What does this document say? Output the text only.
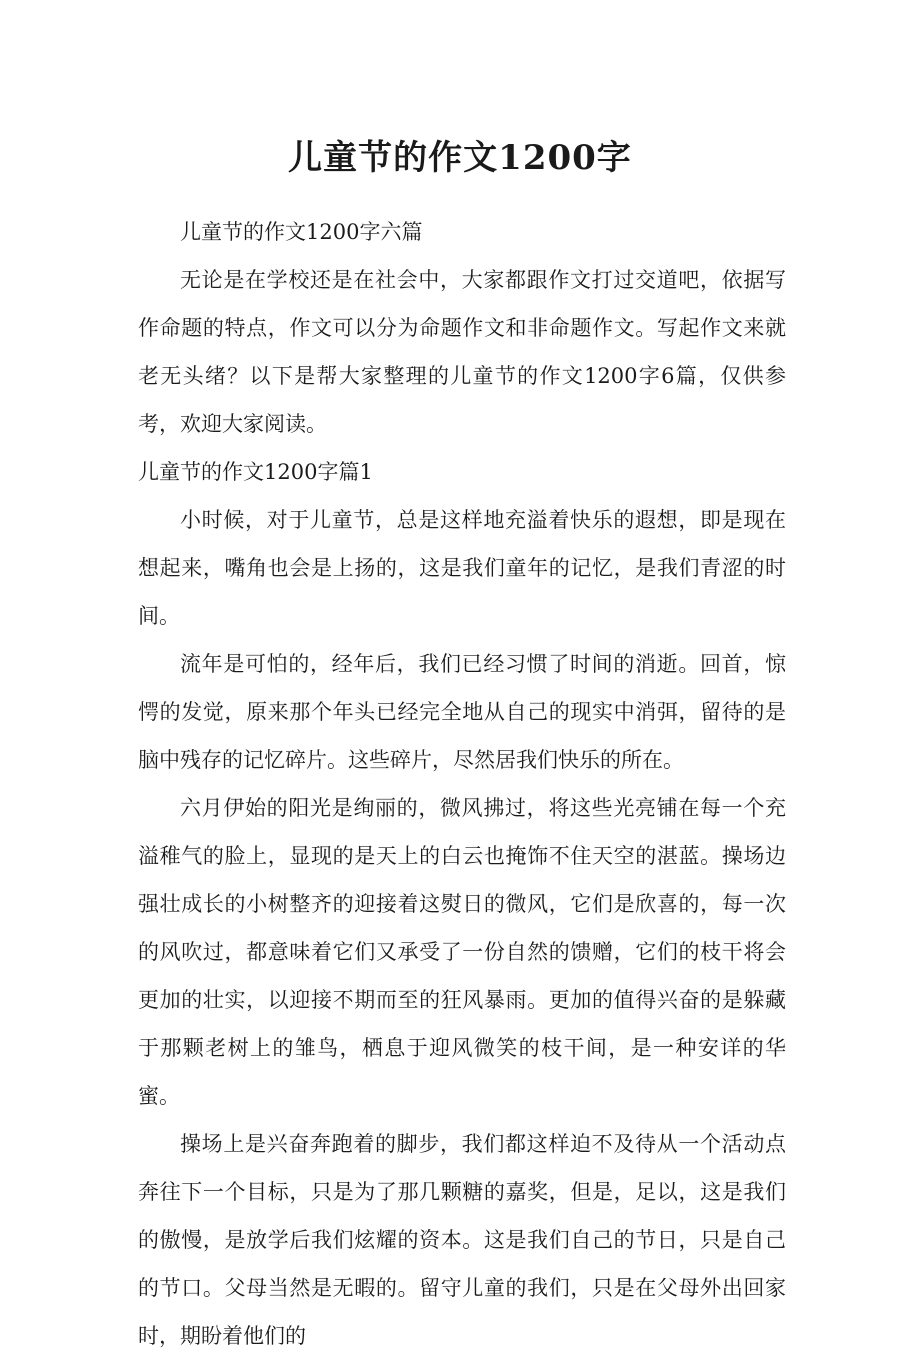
儿童节的作文1200字

儿童节的作文1200字六篇

无论是在学校还是在社会中，大家都跟作文打过交道吧，依据写作命题的特点，作文可以分为命题作文和非命题作文。写起作文来就老无头绪？以下是帮大家整理的儿童节的作文1200字6篇，仅供参考，欢迎大家阅读。

儿童节的作文1200字篇1

小时候，对于儿童节，总是这样地充溢着快乐的遐想，即是现在想起来，嘴角也会是上扬的，这是我们童年的记忆，是我们青涩的时间。

流年是可怕的，经年后，我们已经习惯了时间的消逝。回首，惊愕的发觉，原来那个年头已经完全地从自己的现实中消弭，留待的是脑中残存的记忆碎片。这些碎片，尽然居我们快乐的所在。

六月伊始的阳光是绚丽的，微风拂过，将这些光亮铺在每一个充溢稚气的脸上，显现的是天上的白云也掩饰不住天空的湛蓝。操场边强壮成长的小树整齐的迎接着这熨日的微风，它们是欣喜的，每一次的风吹过，都意味着它们又承受了一份自然的馈赠，它们的枝干将会更加的壮实，以迎接不期而至的狂风暴雨。更加的值得兴奋的是躲藏于那颗老树上的雏鸟，栖息于迎风微笑的枝干间，是一种安详的华蜜。

操场上是兴奋奔跑着的脚步，我们都这样迫不及待从一个活动点奔往下一个目标，只是为了那几颗糖的嘉奖，但是，足以，这是我们的傲慢，是放学后我们炫耀的资本。这是我们自己的节日，只是自己的节口。父母当然是无暇的。留守儿童的我们，只是在父母外出回家时，期盼着他们的
